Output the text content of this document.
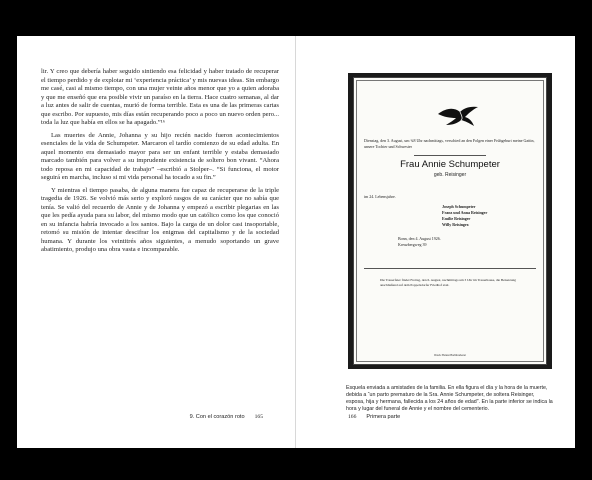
lir. Y creo que debería haber seguido sintiendo esa felicidad y haber tratado de recuperar el tiempo perdido y de explotar mi ‘experiencia práctica’ y mis nuevas ideas. Sin embargo me casé, casi al mismo tiempo, con una mujer veinte años menor que yo a quien adoraba y que me enseñó que era posible vivir un paraíso en la tierra. Hace cuatro semanas, al dar a luz antes de salir de cuentas, murió de forma terrible. Esta es una de las primeras cartas que escribo. Por supuesto, mis días están recuperando poco a poco un nuevo orden pero... toda la luz que había en ellos se ha apagado.”¹⁶

Las muertes de Annie, Johanna y su hijo recién nacido fueron acontecimientos esenciales de la vida de Schumpeter. Marcaron el tardío comienzo de su edad adulta. En aquel momento era demasiado mayor para ser un enfant terrible y estaba demasiado marcado también para volver a su imprudente existencia de soltero bon vivant. “Ahora todo reposa en mi capacidad de trabajo” –escribió a Stolper–. “Si funciona, el motor seguirá en marcha, incluso si mi vida personal ha tocado a su fin.”

Y mientras el tiempo pasaba, de alguna manera fue capaz de recuperarse de la triple tragedia de 1926. Se volvió más serio y exploró rasgos de su carácter que no sabía que tenía. Se valió del recuerdo de Annie y de Johanna y empezó a escribir plegarias en las que les pedía ayuda para su labor, del mismo modo que un católico como los que conoció en su infancia habría invocado a los santos. Bajo la carga de un dolor casi insoportable, retomó su misión de intentar descifrar los enigmas del capitalismo y de la sociedad humana. Y durante los veintitrés años siguientes, a menudo soportando un grave abatimiento, produjo una obra vasta e incomparable.

9. Con el corazón roto 165
Dienstag, den 3. August, um ¾8 Uhr nachmittags, verschied an den Folgen einer Frühgeburt meine Gattin, unsere Tochter und Schwester
Frau Annie Schumpeter
geb. Reisinger
im 24. Lebensjahre.
Joseph Schumpeter
Franz und Anna Reisinger
Emilie Reisinger
Willy Reisinger.
Bonn, den 4. August 1926.
Kreuzbergweg 39
Die Trauerfeier findet Freitag, den 6. August, nachmittags um 3 Uhr im Trauerhause, die Beisetzung anschließend auf dem Poppelsdorfer Friedhof statt.
Druck: Bonner Buchdruckerei
Esquela enviada a amistades de la familia. En ella figura el día y la hora de la muerte, debida a “un parto prematuro de la Sra. Annie Schumpeter, de soltera Reisinger, esposa, hija y hermana, fallecida a los 24 años de edad”. En la parte inferior se indica la hora y lugar del funeral de Annie y el nombre del cementerio.
166 Primera parte
